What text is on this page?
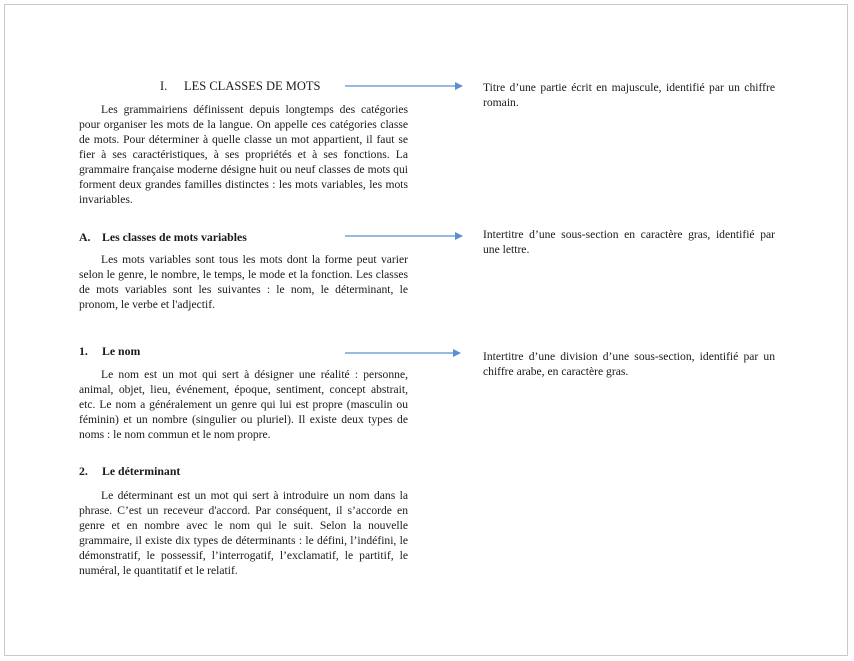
I. LES CLASSES DE MOTS

Les grammairiens définissent depuis longtemps des catégories pour organiser les mots de la langue. On appelle ces catégories classe de mots. Pour déterminer à quelle classe un mot appartient, il faut se fier à ses caractéristiques, à ses propriétés et à ses fonctions. La grammaire française moderne désigne huit ou neuf classes de mots qui forment deux grandes familles distinctes : les mots variables, les mots invariables.

A. Les classes de mots variables

Les mots variables sont tous les mots dont la forme peut varier selon le genre, le nombre, le temps, le mode et la fonction. Les classes de mots variables sont les suivantes : le nom, le déterminant, le pronom, le verbe et l'adjectif.

1. Le nom

Le nom est un mot qui sert à désigner une réalité : personne, animal, objet, lieu, événement, époque, sentiment, concept abstrait, etc. Le nom a généralement un genre qui lui est propre (masculin ou féminin) et un nombre (singulier ou pluriel). Il existe deux types de noms : le nom commun et le nom propre.

2. Le déterminant

Le déterminant est un mot qui sert à introduire un nom dans la phrase. C’est un receveur d'accord. Par conséquent, il s’accorde en genre et en nombre avec le nom qui le suit. Selon la nouvelle grammaire, il existe dix types de déterminants : le défini, l’indéfini, le démonstratif, le possessif, l’interrogatif, l’exclamatif, le partitif, le numéral, le quantitatif et le relatif.

Titre d’une partie écrit en majuscule, identifié par un chiffre romain.
Intertitre d’une sous-section en caractère gras, identifié par une lettre.
Intertitre d’une division d’une sous-section, identifié par un chiffre arabe, en caractère gras.
